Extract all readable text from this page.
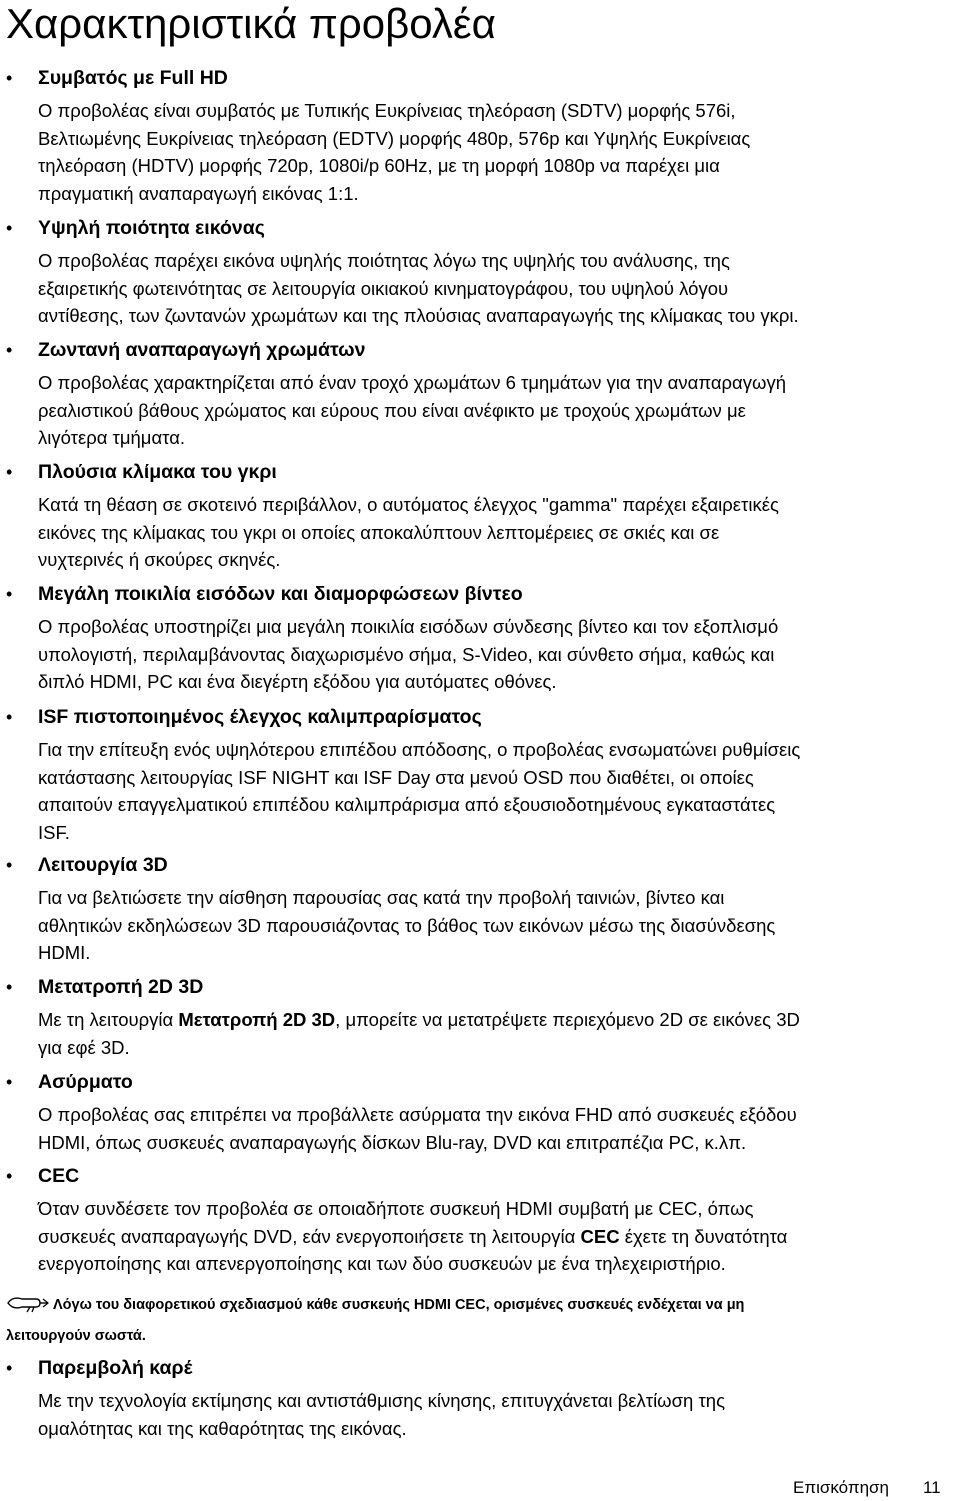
Χαρακτηριστικά προβολέα
• Συμβατός με Full HD
Ο προβολέας είναι συμβατός με Τυπικής Ευκρίνειας τηλεόραση (SDTV) μορφής 576i,
Βελτιωμένης Ευκρίνειας τηλεόραση (EDTV) μορφής 480p, 576p και Υψηλής Ευκρίνειας
τηλεόραση (HDTV) μορφής 720p, 1080i/p 60Hz, με τη μορφή 1080p να παρέχει μια
πραγματική αναπαραγωγή εικόνας 1:1.
• Υψηλή ποιότητα εικόνας
Ο προβολέας παρέχει εικόνα υψηλής ποιότητας λόγω της υψηλής του ανάλυσης, της
εξαιρετικής φωτεινότητας σε λειτουργία οικιακού κινηματογράφου, του υψηλού λόγου
αντίθεσης, των ζωντανών χρωμάτων και της πλούσιας αναπαραγωγής της κλίμακας του γκρι.
• Ζωντανή αναπαραγωγή χρωμάτων
Ο προβολέας χαρακτηρίζεται από έναν τροχό χρωμάτων 6 τμημάτων για την αναπαραγωγή
ρεαλιστικού βάθους χρώματος και εύρους που είναι ανέφικτο με τροχούς χρωμάτων με
λιγότερα τμήματα.
• Πλούσια κλίμακα του γκρι
Κατά τη θέαση σε σκοτεινό περιβάλλον, ο αυτόματος έλεγχος "gamma" παρέχει εξαιρετικές
εικόνες της κλίμακας του γκρι οι οποίες αποκαλύπτουν λεπτομέρειες σε σκιές και σε
νυχτερινές ή σκούρες σκηνές.
• Μεγάλη ποικιλία εισόδων και διαμορφώσεων βίντεο
Ο προβολέας υποστηρίζει μια μεγάλη ποικιλία εισόδων σύνδεσης βίντεο και τον εξοπλισμό
υπολογιστή, περιλαμβάνοντας διαχωρισμένο σήμα, S-Video, και σύνθετο σήμα, καθώς και
διπλό HDMI, PC και ένα διεγέρτη εξόδου για αυτόματες οθόνες.
• ISF πιστοποιημένος έλεγχος καλιμπραρίσματος
Για την επίτευξη ενός υψηλότερου επιπέδου απόδοσης, ο προβολέας ενσωματώνει ρυθμίσεις
κατάστασης λειτουργίας ISF NIGHT και ISF Day στα μενού OSD που διαθέτει, οι οποίες
απαιτούν επαγγελματικού επιπέδου καλιμπράρισμα από εξουσιοδοτημένους εγκαταστάτες
ISF.
• Λειτουργία 3D
Για να βελτιώσετε την αίσθηση παρουσίας σας κατά την προβολή ταινιών, βίντεο και
αθλητικών εκδηλώσεων 3D παρουσιάζοντας το βάθος των εικόνων μέσω της διασύνδεσης
HDMI.
• Μετατροπή 2D 3D
Με τη λειτουργία Μετατροπή 2D 3D, μπορείτε να μετατρέψετε περιεχόμενο 2D σε εικόνες 3D
για εφέ 3D.
• Ασύρματο
Ο προβολέας σας επιτρέπει να προβάλλετε ασύρματα την εικόνα FHD από συσκευές εξόδου
HDMI, όπως συσκευές αναπαραγωγής δίσκων Blu-ray, DVD και επιτραπέζια PC, κ.λπ.
• CEC
Όταν συνδέσετε τον προβολέα σε οποιαδήποτε συσκευή HDMI συμβατή με CEC, όπως
συσκευές αναπαραγωγής DVD, εάν ενεργοποιήσετε τη λειτουργία CEC έχετε τη δυνατότητα
ενεργοποίησης και απενεργοποίησης και των δύο συσκευών με ένα τηλεχειριστήριο.
• Παρεμβολή καρέ
Με την τεχνολογία εκτίμησης και αντιστάθμισης κίνησης, επιτυγχάνεται βελτίωση της
ομαλότητας και της καθαρότητας της εικόνας.
Λόγω του διαφορετικού σχεδιασμού κάθε συσκευής HDMI CEC, ορισμένες συσκευές ενδέχεται να μη
λειτουργούν σωστά.
Επισκόπηση 11
